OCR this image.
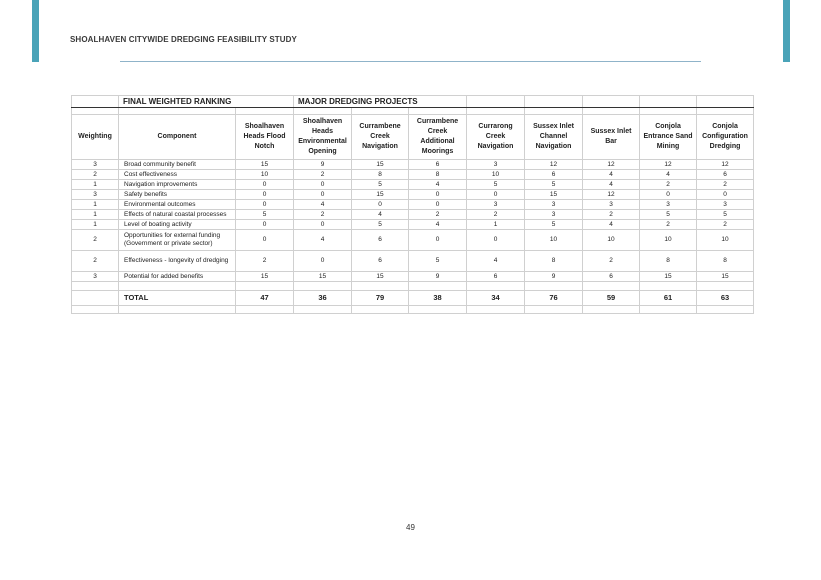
SHOALHAVEN CITYWIDE DREDGING FEASIBILITY STUDY
	FINAL WEIGHTED RANKING		MAJOR DREDGING PROJECTS							

Weighting	Component	Shoalhaven Heads Flood Notch	Shoalhaven Heads Environmental Opening	Currambene Creek Navigation	Currambene Creek Additional Moorings	Currarong Creek Navigation	Sussex Inlet Channel Navigation	Sussex Inlet Bar	Conjola Entrance Sand Mining	Conjola Configuration Dredging
3	Broad community benefit	15	9	15	6	3	12	12	12	12
2	Cost effectiveness	10	2	8	8	10	6	4	4	6
1	Navigation improvements	0	0	5	4	5	5	4	2	2
3	Safety benefits	0	0	15	0	0	15	12	0	0
1	Environmental outcomes	0	4	0	0	3	3	3	3	3
1	Effects of natural coastal processes	5	2	4	2	2	3	2	5	5
1	Level of boating activity	0	0	5	4	1	5	4	2	2
2	Opportunities for external funding (Government or private sector)	0	4	6	0	0	10	10	10	10
2	Effectiveness - longevity of dredging	2	0	6	5	4	8	2	8	8
3	Potential for added benefits	15	15	15	9	6	9	6	15	15

	TOTAL	47	36	79	38	34	76	59	61	63

49
